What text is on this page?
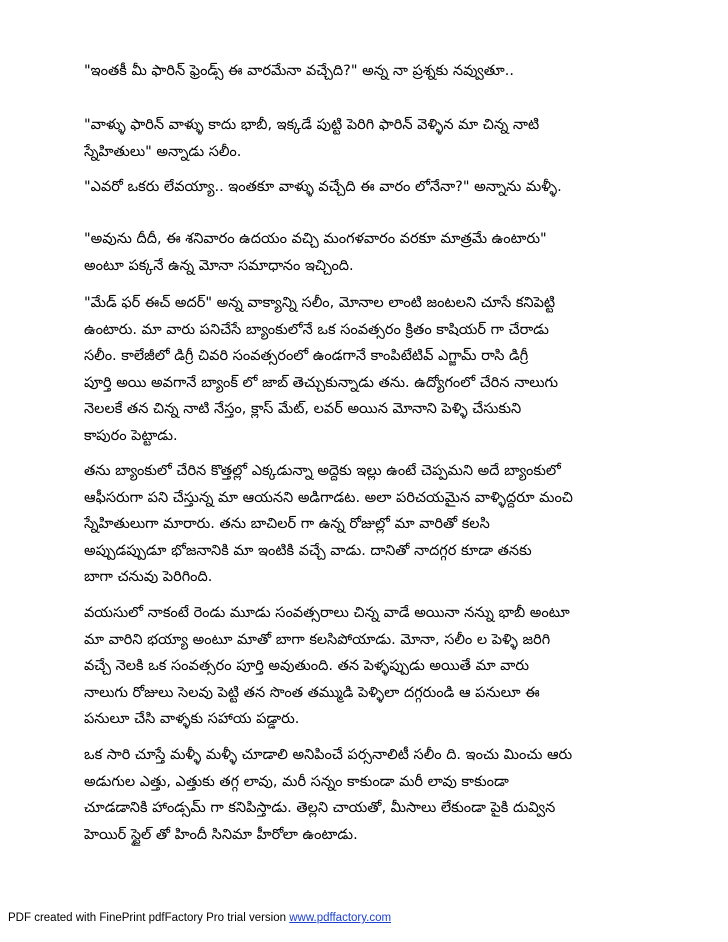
"ఇంతకీ మీ ఫారిన్ ఫ్రెండ్స్ ఈ వారమేనా వచ్చేది?" అన్న నా ప్రశ్నకు నవ్వుతూ..
"వాళ్ళు ఫారిన్ వాళ్ళు కాదు భాబీ, ఇక్కడే పుట్టి పెరిగి ఫారిన్ వెళ్ళిన మా చిన్న నాటి
స్నేహితులు" అన్నాడు సలీం.
"ఎవరో ఒకరు లేవయ్యా.. ఇంతకూ వాళ్ళు వచ్చేది ఈ వారం లోనేనా?" అన్నాను మళ్ళీ.
"అవును దీదీ, ఈ శనివారం ఉదయం వచ్చి మంగళవారం వరకూ మాత్రమే ఉంటారు"
అంటూ పక్కనే ఉన్న మోనా సమాధానం ఇచ్చింది.
"మేడ్ ఫర్ ఈచ్ అదర్" అన్న వాక్యాన్ని సలీం, మోనాల లాంటి జంటలని చూసే కనిపెట్టి
ఉంటారు. మా వారు పనిచేసే బ్యాంకులోనే ఒక సంవత్సరం క్రితం కాషియర్ గా చేరాడు
సలీం. కాలేజీలో డిగ్రీ చివరి సంవత్సరంలో ఉండగానే కాంపిటేటివ్ ఎగ్జామ్ రాసి డిగ్రీ
పూర్తి అయి అవగానే బ్యాంక్ లో జాబ్ తెచ్చుకున్నాడు తను. ఉద్యోగంలో చేరిన నాలుగు
నెలలకే తన చిన్న నాటి నేస్తం, క్లాస్ మేట్, లవర్ అయిన మోనాని పెళ్ళి చేసుకుని
కాపురం పెట్టాడు.
తను బ్యాంకులో చేరిన కొత్తల్లో ఎక్కడున్నా అద్దెకు ఇల్లు ఉంటే చెప్పమని అదే బ్యాంకులో
ఆఫీసరుగా పని చేస్తున్న మా ఆయనని అడిగాడట. అలా పరిచయమైన వాళ్ళిద్దరూ మంచి
స్నేహితులుగా మారారు. తను బాచిలర్ గా ఉన్న రోజుల్లో మా వారితో కలసి
అప్పుడప్పుడూ భోజనానికి మా ఇంటికి వచ్చే వాడు. దానితో నాదగ్గర కూడా తనకు
బాగా చనువు పెరిగింది.
వయసులో నాకంటే రెండు మూడు సంవత్సరాలు చిన్న వాడే అయినా నన్ను భాబీ అంటూ
మా వారిని భయ్యా అంటూ మాతో బాగా కలసిపోయాడు. మోనా, సలీం ల పెళ్ళి జరిగి
వచ్చే నెలకి ఒక సంవత్సరం పూర్తి అవుతుంది. తన పెళ్ళప్పుడు అయితే మా వారు
నాలుగు రోజులు సెలవు పెట్టి తన సొంత తమ్ముడి పెళ్ళిలా దగ్గరుండి ఆ పనులూ ఈ
పనులూ చేసి వాళ్ళకు సహాయ పడ్డారు.
ఒక సారి చూస్తే మళ్ళీ మళ్ళీ చూడాలి అనిపించే పర్సనాలిటీ సలీం ది. ఇంచు మించు ఆరు
అడుగుల ఎత్తు, ఎత్తుకు తగ్గ లావు, మరీ సన్నం కాకుండా మరీ లావు కాకుండా
చూడడానికి హాండ్సమ్ గా కనిపిస్తాడు. తెల్లని చాయతో, మీసాలు లేకుండా పైకి దువ్విన
హెయిర్ స్టైల్ తో హిందీ సినిమా హీరోలా ఉంటాడు.
PDF created with FinePrint pdfFactory Pro trial version www.pdffactory.com
